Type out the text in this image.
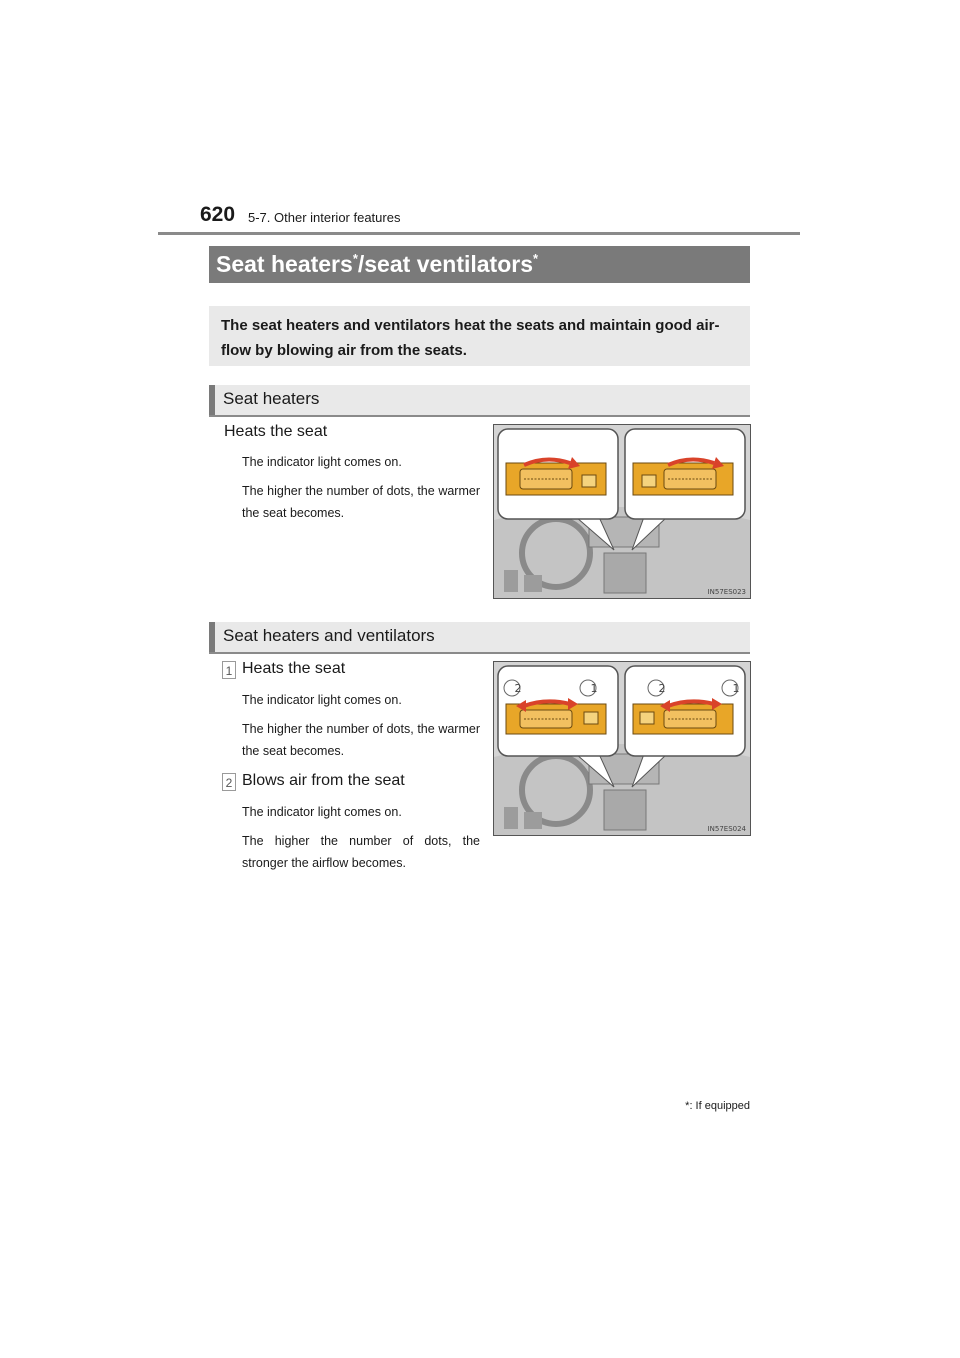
620 5-7. Other interior features
Seat heaters*/seat ventilators*
The seat heaters and ventilators heat the seats and maintain good air-flow by blowing air from the seats.
Seat heaters
Heats the seat
The indicator light comes on.
The higher the number of dots, the warmer the seat becomes.
IN57ES023
Seat heaters and ventilators
1 Heats the seat
The indicator light comes on.
The higher the number of dots, the warmer the seat becomes.
2 Blows air from the seat
The indicator light comes on.
The higher the number of dots, the stronger the airflow becomes.
2	1	2	1
IN57ES024
*: If equipped
